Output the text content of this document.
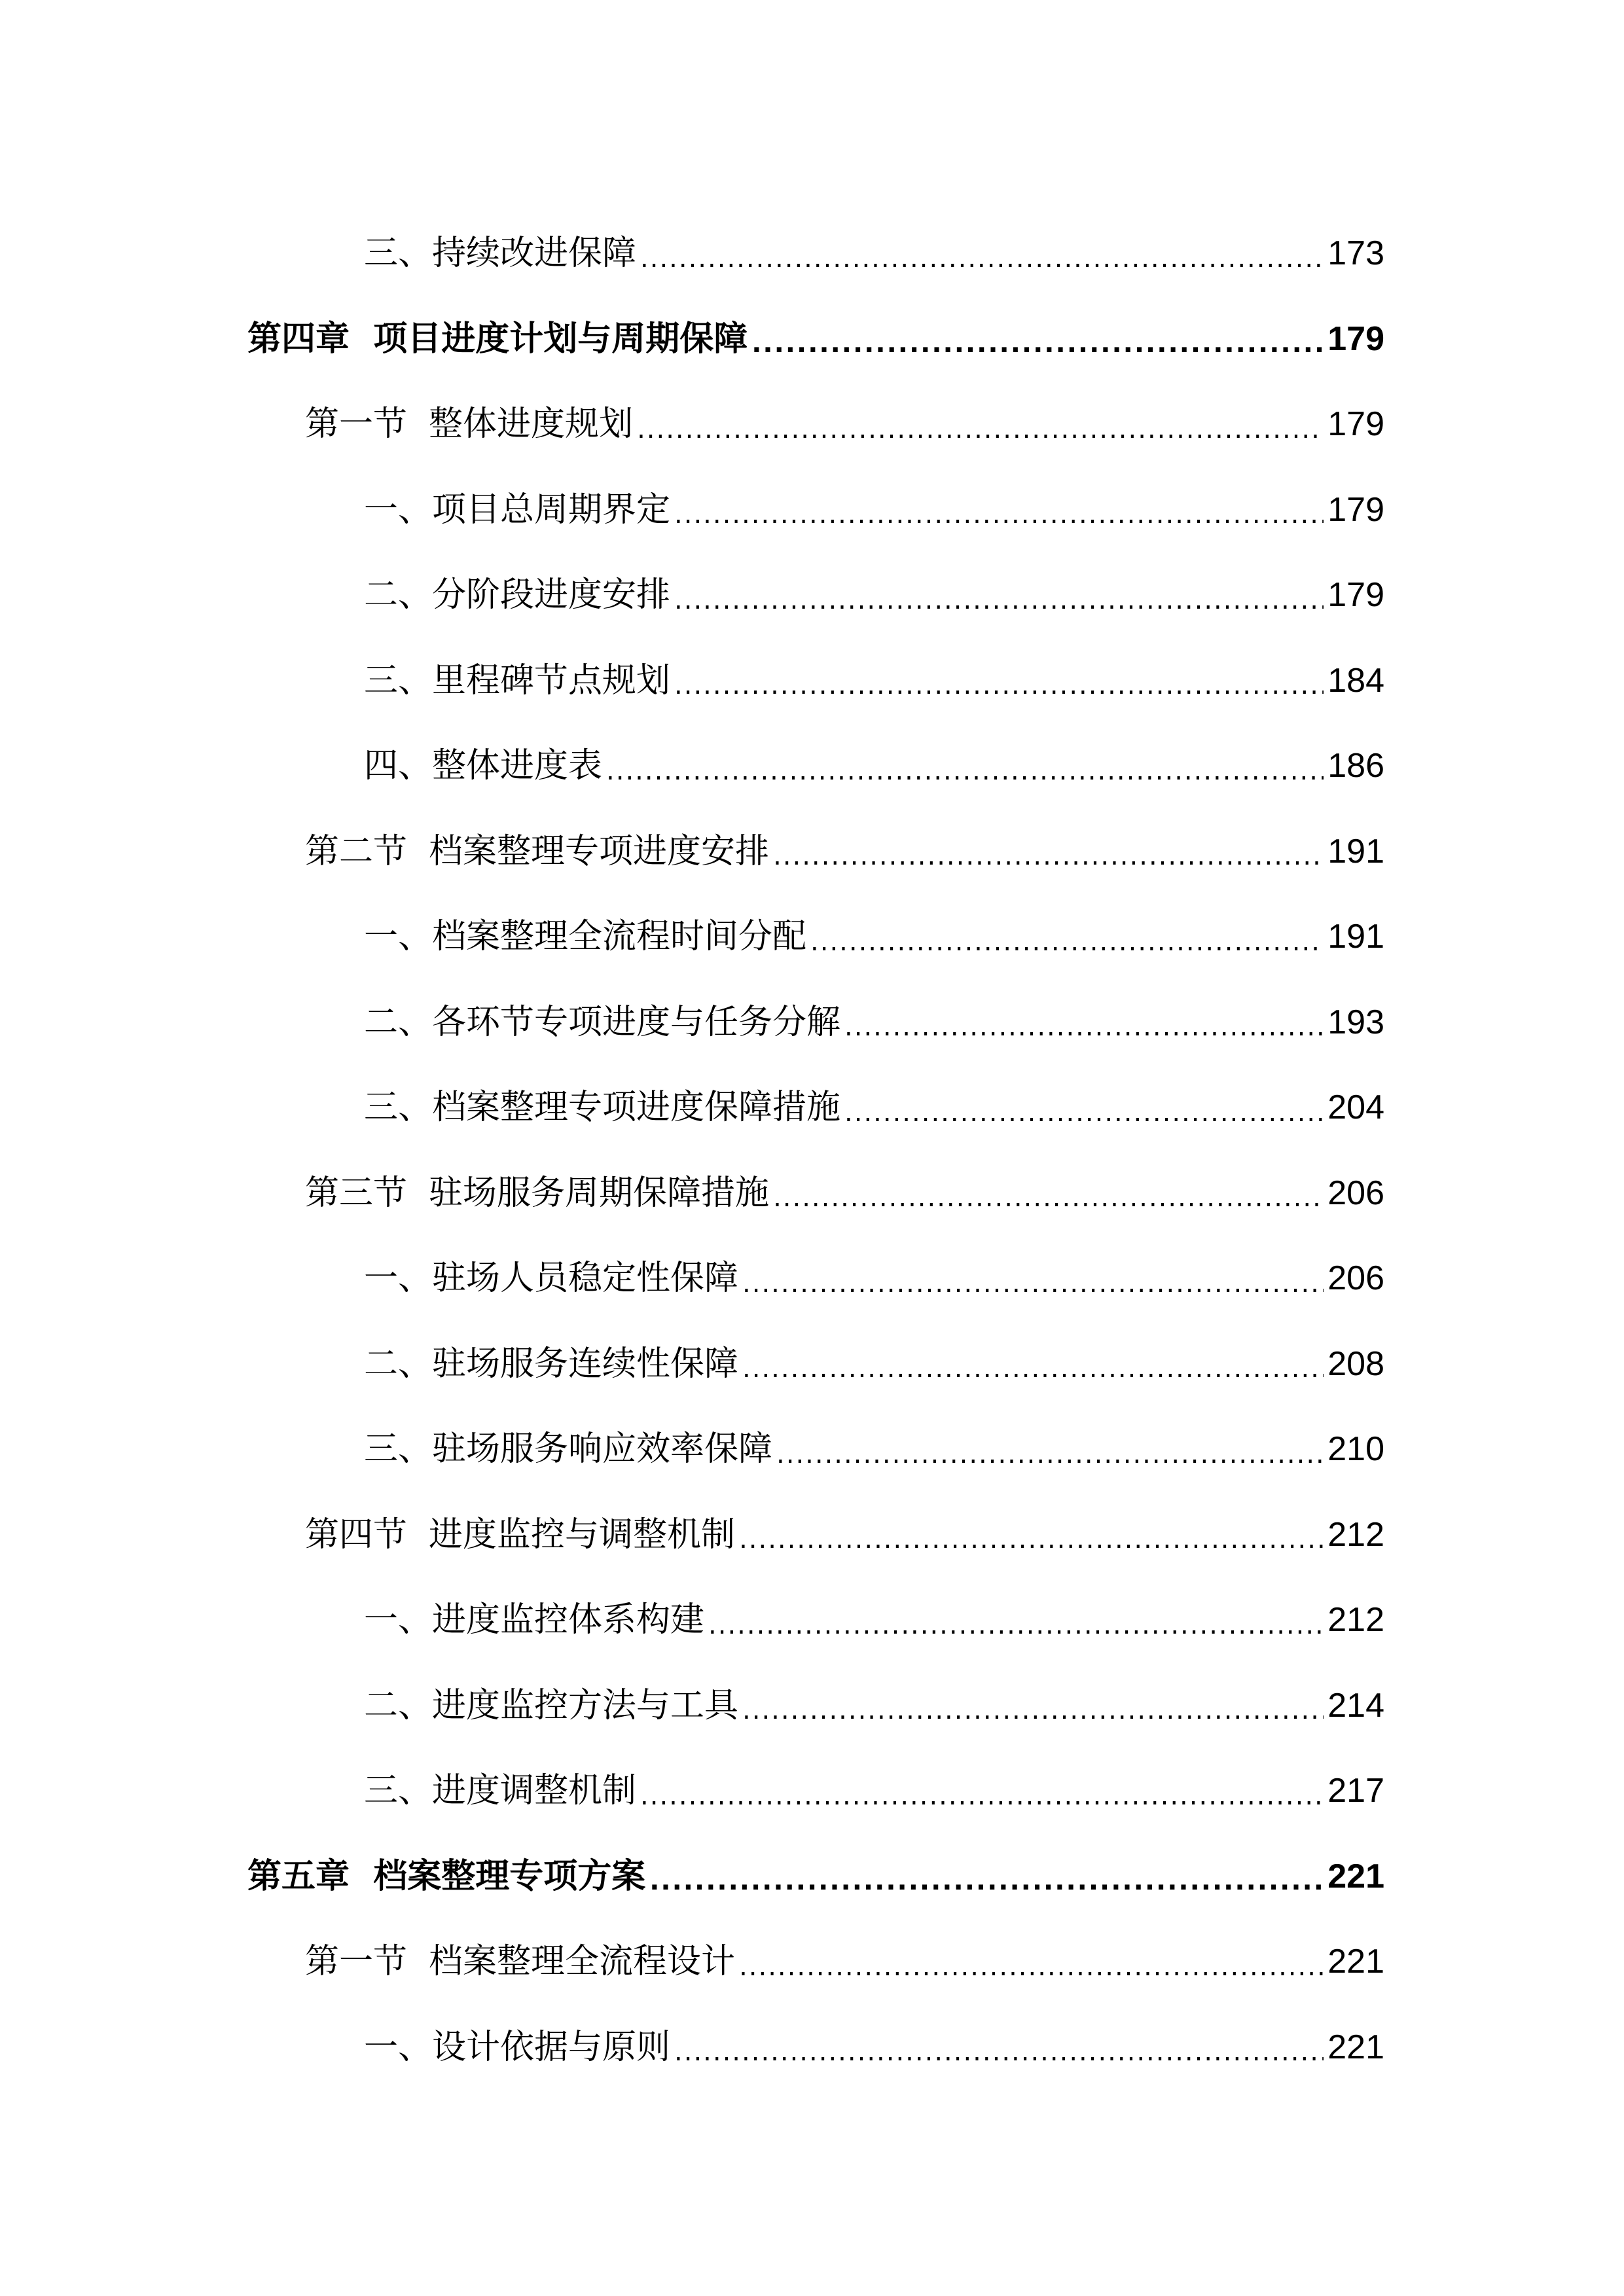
三、持续改进保障 .....	173
第四章  项目进度计划与周期保障 .....	179
第一节  整体进度规划 .....	179
一、项目总周期界定 .....	179
二、分阶段进度安排 .....	179
三、里程碑节点规划 .....	184
四、整体进度表 .....	186
第二节  档案整理专项进度安排 .....	191
一、档案整理全流程时间分配 .....	191
二、各环节专项进度与任务分解 .....	193
三、档案整理专项进度保障措施 .....	204
第三节  驻场服务周期保障措施 .....	206
一、驻场人员稳定性保障 .....	206
二、驻场服务连续性保障 .....	208
三、驻场服务响应效率保障 .....	210
第四节  进度监控与调整机制 .....	212
一、进度监控体系构建 .....	212
二、进度监控方法与工具 .....	214
三、进度调整机制 .....	217
第五章  档案整理专项方案 .....	221
第一节  档案整理全流程设计 .....	221
一、设计依据与原则 .....	221
